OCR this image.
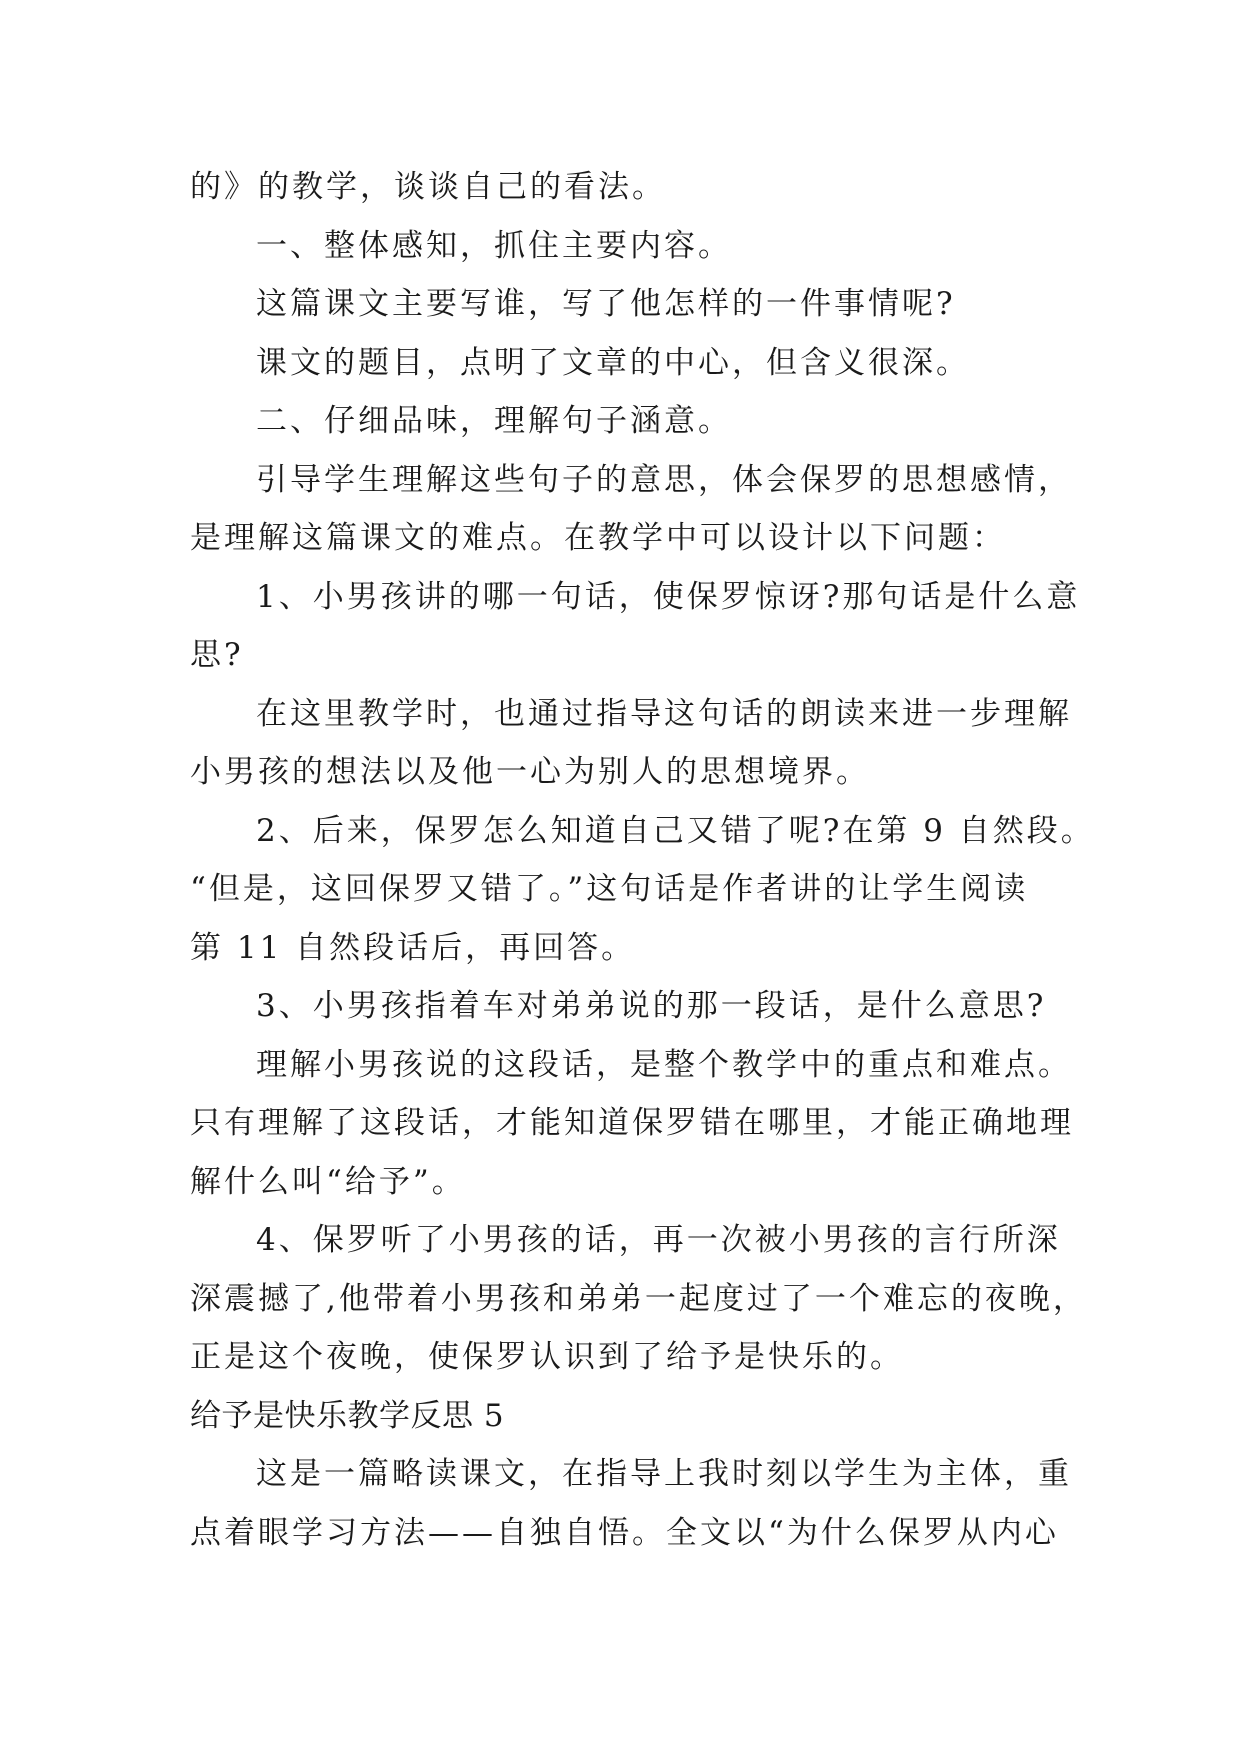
的》的教学，谈谈自己的看法。
一、整体感知，抓住主要内容。
这篇课文主要写谁，写了他怎样的一件事情呢?
课文的题目，点明了文章的中心，但含义很深。
二、仔细品味，理解句子涵意。
引导学生理解这些句子的意思，体会保罗的思想感情，
是理解这篇课文的难点。在教学中可以设计以下问题：
1、小男孩讲的哪一句话，使保罗惊讶?那句话是什么意
思?
在这里教学时，也通过指导这句话的朗读来进一步理解
小男孩的想法以及他一心为别人的思想境界。
2、后来，保罗怎么知道自己又错了呢?在第 9 自然段。
“但是，这回保罗又错了。”这句话是作者讲的让学生阅读
第 11 自然段话后，再回答。
3、小男孩指着车对弟弟说的那一段话，是什么意思?
理解小男孩说的这段话，是整个教学中的重点和难点。
只有理解了这段话，才能知道保罗错在哪里，才能正确地理
解什么叫“给予”。
4、保罗听了小男孩的话，再一次被小男孩的言行所深
深震撼了,他带着小男孩和弟弟一起度过了一个难忘的夜晚，
正是这个夜晚，使保罗认识到了给予是快乐的。
给予是快乐教学反思 5
这是一篇略读课文，在指导上我时刻以学生为主体，重
点着眼学习方法——自独自悟。全文以“为什么保罗从内心
